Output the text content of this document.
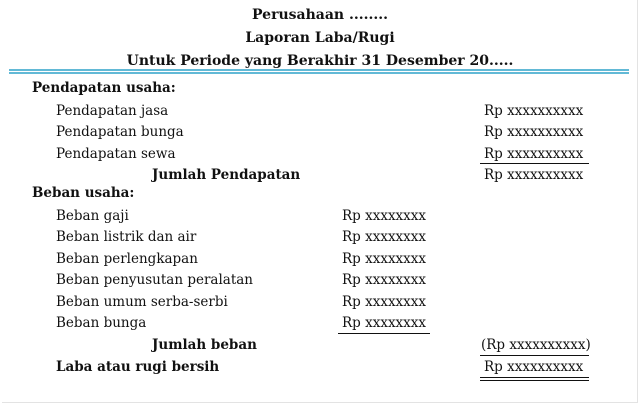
Perusahaan ........
Laporan Laba/Rugi
Untuk Periode yang Berakhir 31 Desember 20.....
Pendapatan usaha:
Pendapatan jasa	Rp xxxxxxxxxx
Pendapatan bunga	Rp xxxxxxxxxx
Pendapatan sewa	Rp xxxxxxxxxx
Jumlah Pendapatan	Rp xxxxxxxxxx
Beban usaha:
Beban gaji	Rp xxxxxxxx
Beban listrik dan air	Rp xxxxxxxx
Beban perlengkapan	Rp xxxxxxxx
Beban penyusutan peralatan	Rp xxxxxxxx
Beban umum serba-serbi	Rp xxxxxxxx
Beban bunga	Rp xxxxxxxx
Jumlah beban	(Rp xxxxxxxxxx)
Laba atau rugi bersih	Rp xxxxxxxxxx
